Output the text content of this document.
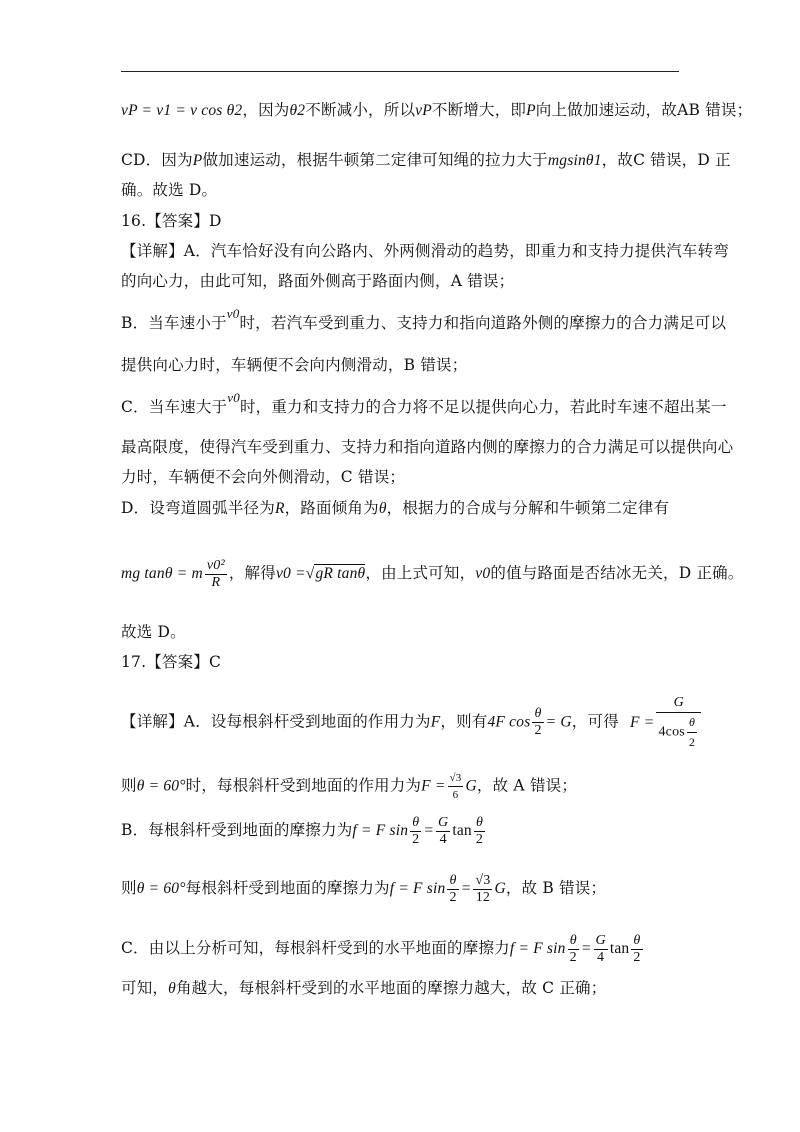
vP = v1 = v cos θ2，因为θ2不断减小，所以vP不断增大，即P向上做加速运动，故AB 错误；
CD．因为P做加速运动，根据牛顿第二定律可知绳的拉力大于mgsinθ1，故C 错误，D 正
确。故选 D。
16.【答案】D
【详解】A．汽车恰好没有向公路内、外两侧滑动的趋势，即重力和支持力提供汽车转弯
的向心力，由此可知，路面外侧高于路面内侧，A 错误；
B．当车速小于$^{v0}$时，若汽车受到重力、支持力和指向道路外侧的摩擦力的合力满足可以
提供向心力时，车辆便不会向内侧滑动，B 错误；
C．当车速大于$^{v0}$时，重力和支持力的合力将不足以提供向心力，若此时车速不超出某一
最高限度，使得汽车受到重力、支持力和指向道路内侧的摩擦力的合力满足可以提供向心
力时，车辆便不会向外侧滑动，C 错误；
D．设弯道圆弧半径为R，路面倾角为θ，根据力的合成与分解和牛顿第二定律有
mg tanθ = m $\frac{\text{v0²}}{R}$ ，解得v0 =√gR tanθ，由上式可知，v0的值与路面是否结冰无关，D 正确。
故选 D。
17.【答案】C
【详解】A．设每根斜杆受到地面的作用力为F，则有4F $\cos \frac{\theta}{2} = G$，可得 $F = \frac{G}{4\cos \frac{\theta}{2}}$
则θ = 60°时，每根斜杆受到地面的作用力为$F = \frac{√3}{6}$ G，故 A 错误；
B．每根斜杆受到地面的摩擦力为f = F $\sin \frac{\theta}{2} = \frac{G}{4}$ $\tan \frac{\theta}{2}$
则θ = 60°每根斜杆受到地面的摩擦力为f = F $\sin \frac{\theta}{2} = \frac{√3}{12}$ G，故 B 错误；
C．由以上分析可知，每根斜杆受到的水平地面的摩擦力f = F $\sin \frac{\theta}{2} = \frac{G}{4}$ $\tan \frac{\theta}{2}$
可知，θ角越大，每根斜杆受到的水平地面的摩擦力越大，故 C 正确；
